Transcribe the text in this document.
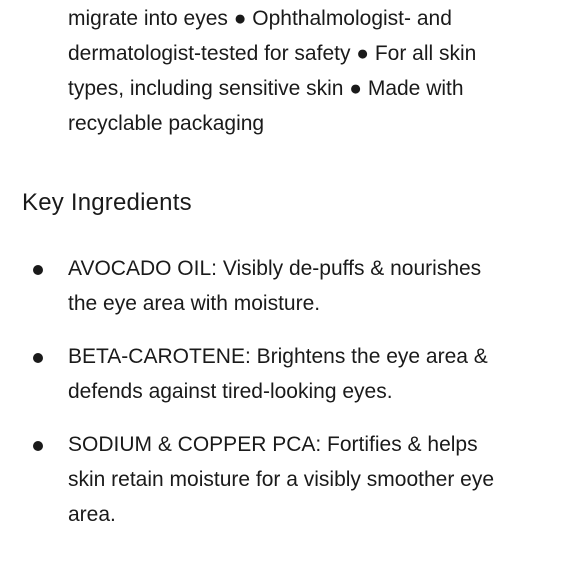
migrate into eyes ● Ophthalmologist- and
dermatologist-tested for safety ● For all skin
types, including sensitive skin ● Made with
recyclable packaging

Key Ingredients
AVOCADO OIL: Visibly de-puffs & nourishes
the eye area with moisture.
BETA-CAROTENE: Brightens the eye area &
defends against tired-looking eyes.
SODIUM & COPPER PCA: Fortifies & helps
skin retain moisture for a visibly smoother eye
area.
